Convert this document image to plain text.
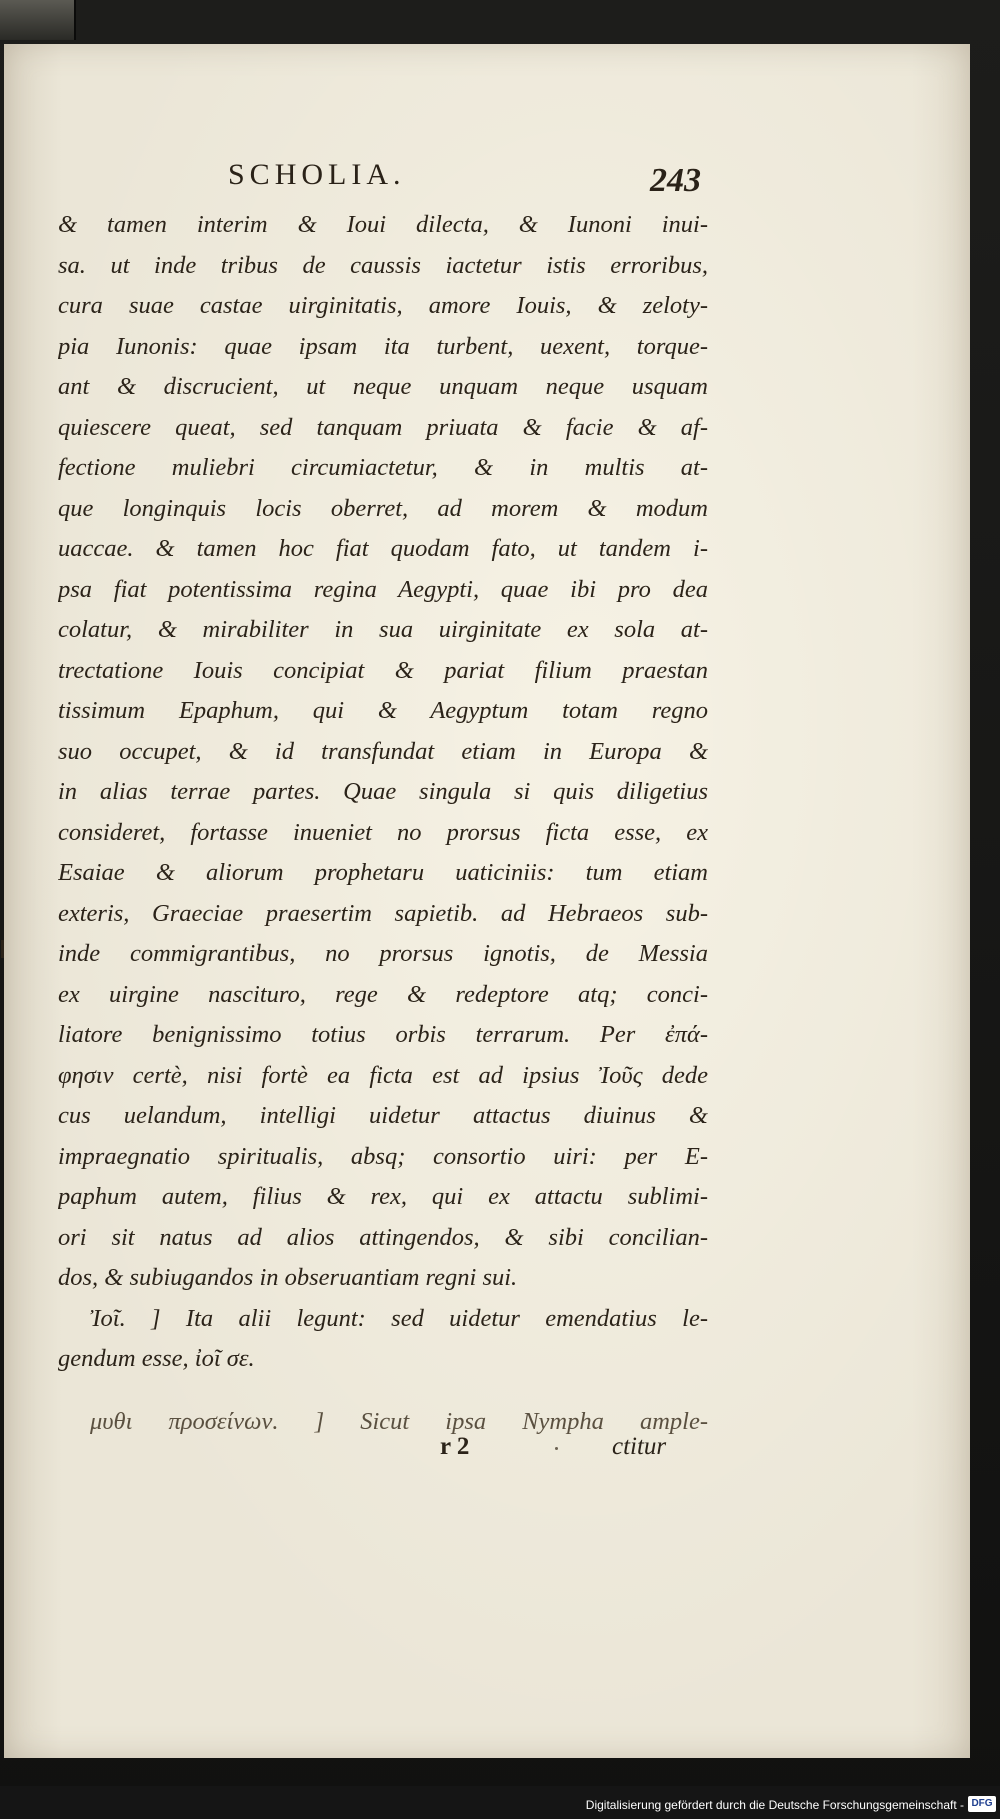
SCHOLIA.	243
& tamen interim & Ioui dilecta, & Iunoni inui-
sa. ut inde tribus de caussis iactetur istis erroribus,
cura suae castae uirginitatis, amore Iouis, & zeloty-
pia Iunonis: quae ipsam ita turbent, uexent, torque-
ant & discrucient, ut neque unquam neque usquam
quiescere queat, sed tanquam priuata & facie & af-
fectione muliebri circumiactetur, & in multis at-
que longinquis locis oberret, ad morem & modum
uaccae. & tamen hoc fiat quodam fato, ut tandem i-
psa fiat potentissima regina Aegypti, quae ibi pro dea
colatur, & mirabiliter in sua uirginitate ex sola at-
trectatione Iouis concipiat & pariat filium praestan
tissimum Epaphum, qui & Aegyptum totam regno
suo occupet, & id transfundat etiam in Europa &
in alias terrae partes. Quae singula si quis diligetius
consideret, fortasse inueniet no prorsus ficta esse, ex
Esaiae & aliorum prophetaru uaticiniis: tum etiam
exteris, Graeciae praesertim sapietib. ad Hebraeos sub-
inde commigrantibus, no prorsus ignotis, de Messia
ex uirgine nascituro, rege & redeptore atq; conci-
liatore benignissimo totius orbis terrarum. Per ἐπά-
φησιν certè, nisi fortè ea ficta est ad ipsius Ἰοῦς dede
cus uelandum, intelligi uidetur attactus diuinus &
impraegnatio spiritualis, absq; consortio uiri: per E-
paphum autem, filius & rex, qui ex attactu sublimi-
ori sit natus ad alios attingendos, & sibi concilian-
dos, & subiugandos in obseruantiam regni sui.
Ἰοῖ. ] Ita alii legunt: sed uidetur emendatius le-
gendum esse, ἰοῖ σε.
μυθι προσείνων. ] Sicut ipsa Nympha ample-
r 2	ctitur
Digitalisierung gefördert durch die Deutsche Forschungsgemeinschaft - DFG
